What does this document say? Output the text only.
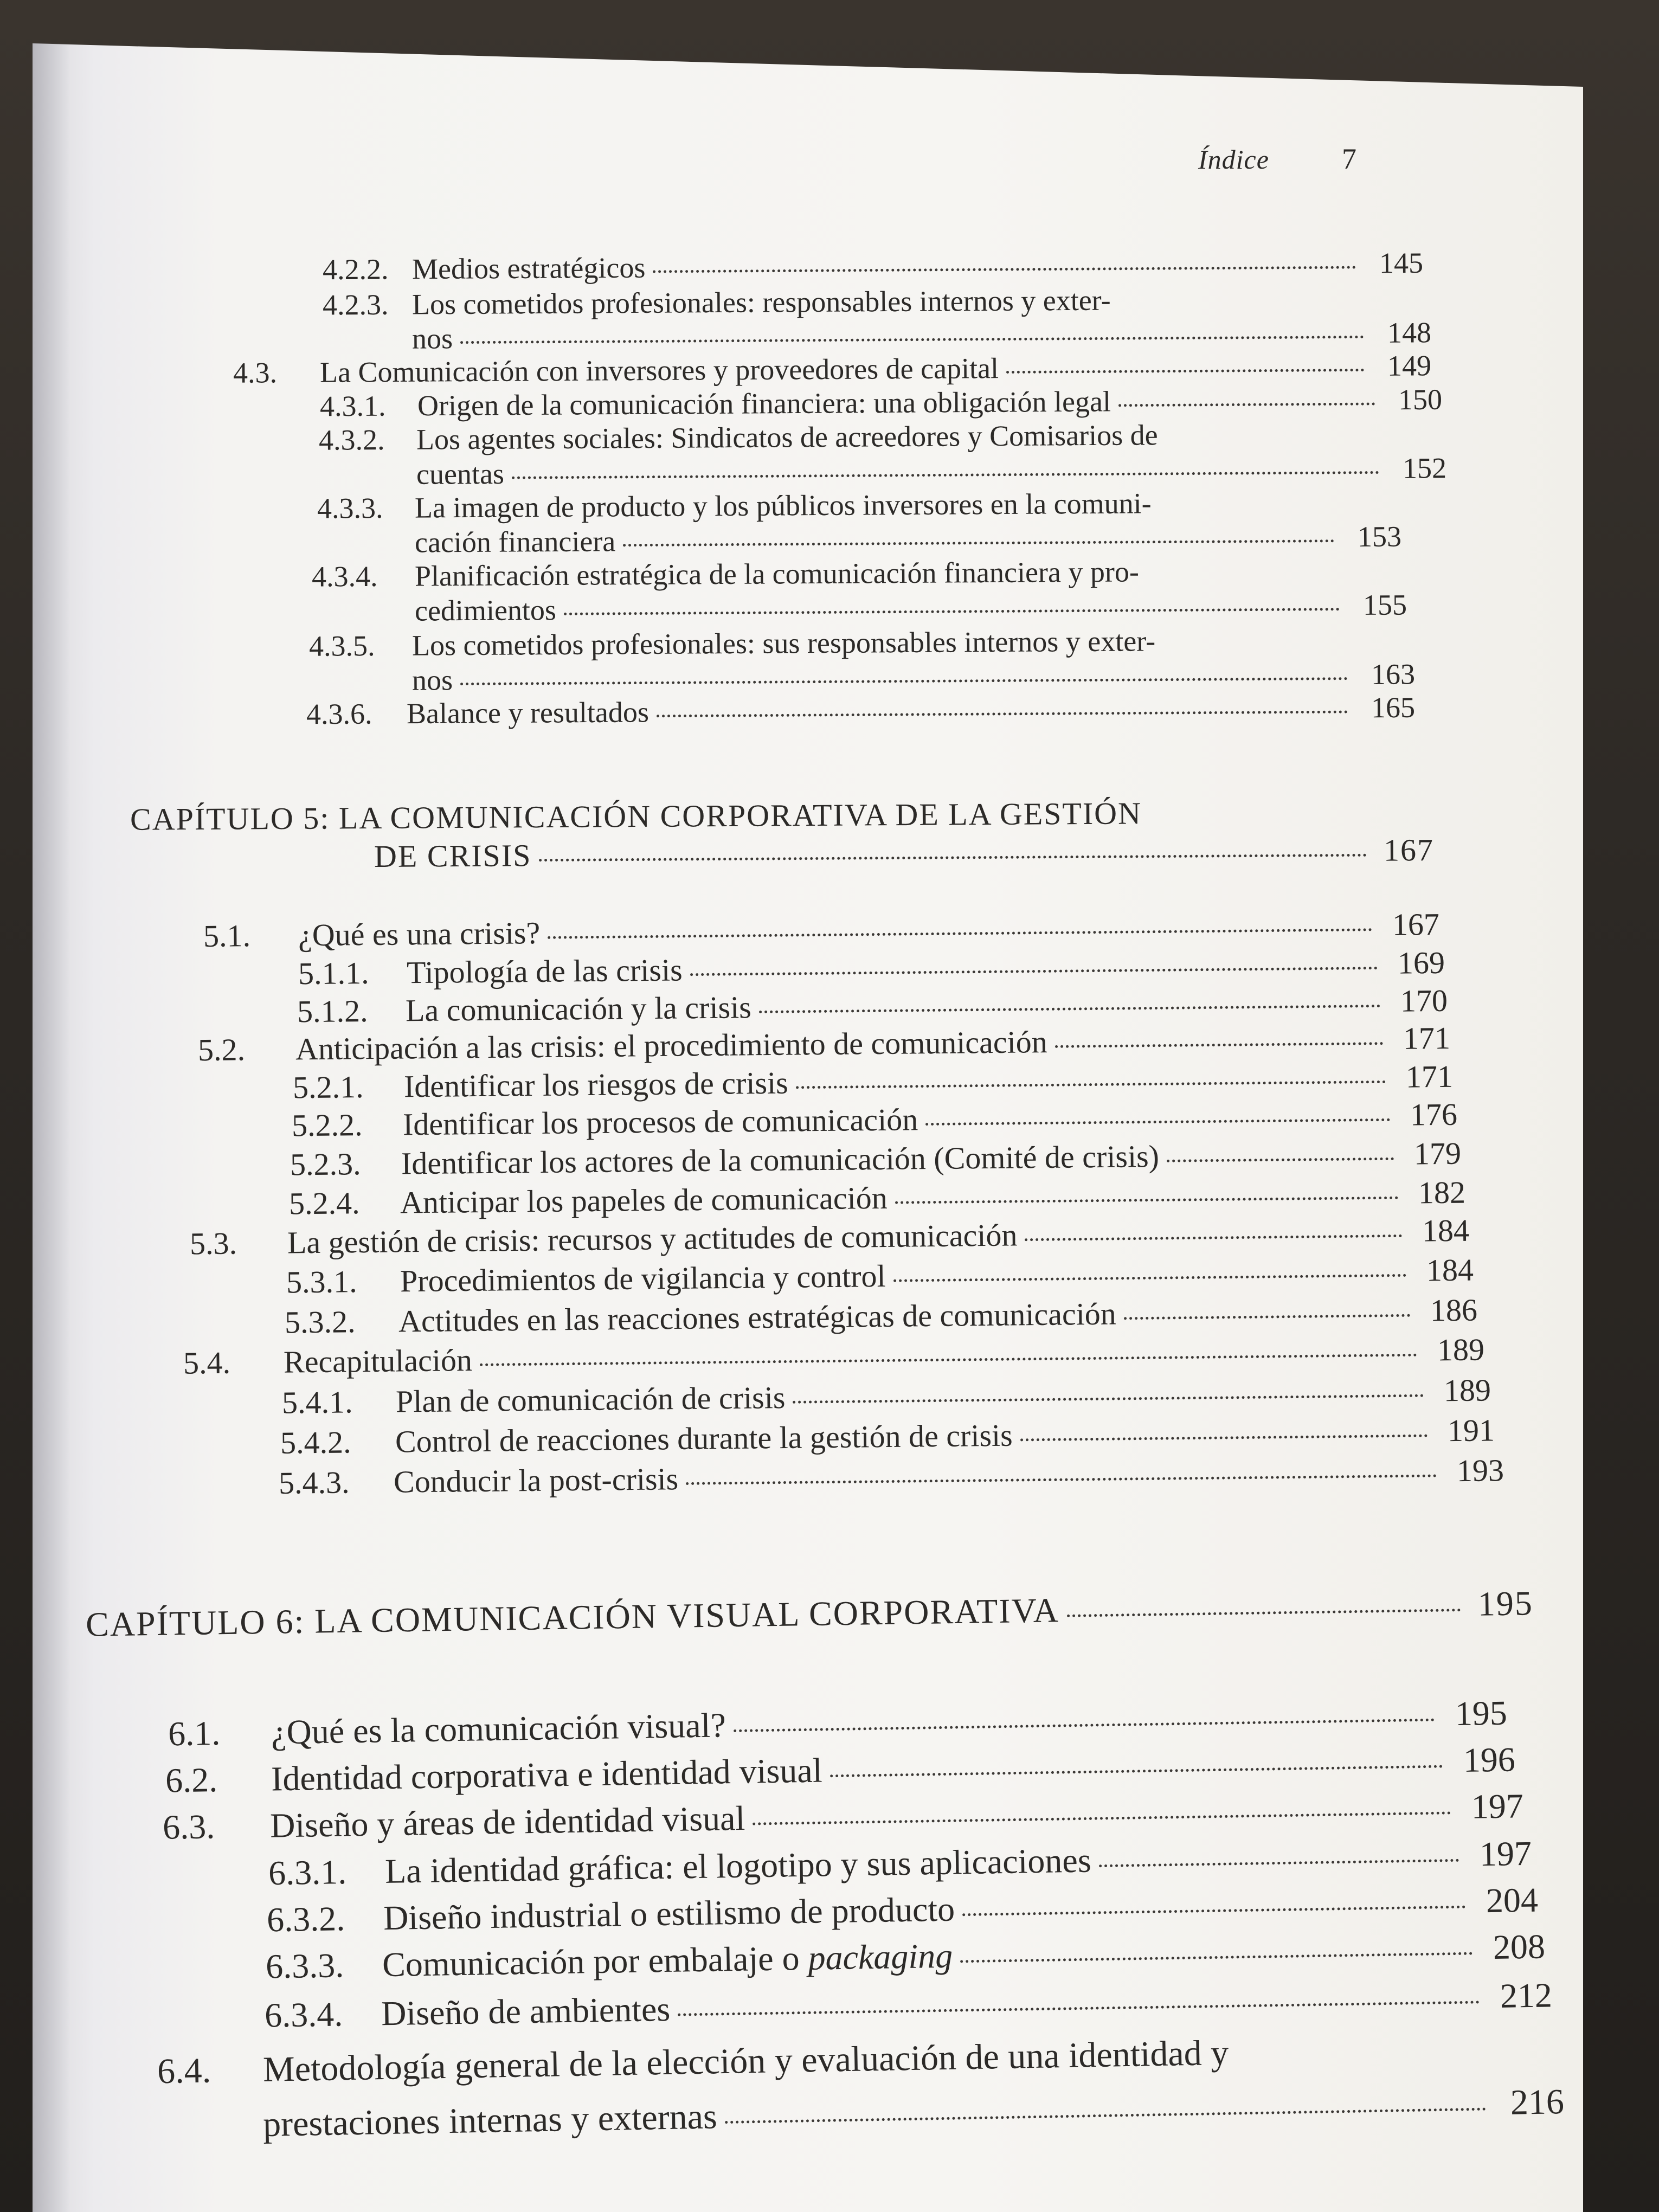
Índice 7
4.2.2. Medios estratégicos	145
4.2.3. Los cometidos profesionales: responsables internos y exter-
nos	148
4.3.	La Comunicación con inversores y proveedores de capital	149
4.3.1.	Origen de la comunicación financiera: una obligación legal	150
4.3.2. Los agentes sociales: Sindicatos de acreedores y Comisarios de
cuentas	152
4.3.3. La imagen de producto y los públicos inversores en la comuni-
cación financiera	153
4.3.4. Planificación estratégica de la comunicación financiera y pro-
cedimientos	155
4.3.5. Los cometidos profesionales: sus responsables internos y exter-
nos	163
4.3.6.	Balance y resultados	165
CAPÍTULO 5: LA COMUNICACIÓN CORPORATIVA DE LA GESTIÓN
DE CRISIS	167
5.1.	¿Qué es una crisis?	167
5.1.1.	Tipología de las crisis	169
5.1.2.	La comunicación y la crisis	170
5.2.	Anticipación a las crisis: el procedimiento de comunicación	171
5.2.1.	Identificar los riesgos de crisis	171
5.2.2.	Identificar los procesos de comunicación	176
5.2.3.	Identificar los actores de la comunicación (Comité de crisis)	179
5.2.4.	Anticipar los papeles de comunicación	182
5.3.	La gestión de crisis: recursos y actitudes de comunicación	184
5.3.1.	Procedimientos de vigilancia y control	184
5.3.2.	Actitudes en las reacciones estratégicas de comunicación	186
5.4.	Recapitulación	189
5.4.1.	Plan de comunicación de crisis	189
5.4.2.	Control de reacciones durante la gestión de crisis	191
5.4.3.	Conducir la post-crisis	193
CAPÍTULO 6: LA COMUNICACIÓN VISUAL CORPORATIVA	195
6.1.	¿Qué es la comunicación visual?	195
6.2.	Identidad corporativa e identidad visual	196
6.3.	Diseño y áreas de identidad visual	197
6.3.1.	La identidad gráfica: el logotipo y sus aplicaciones	197
6.3.2.	Diseño industrial o estilismo de producto	204
6.3.3.	Comunicación por embalaje o packaging	208
6.3.4.	Diseño de ambientes	212
6.4. Metodología general de la elección y evaluación de una identidad y
prestaciones internas y externas	216
